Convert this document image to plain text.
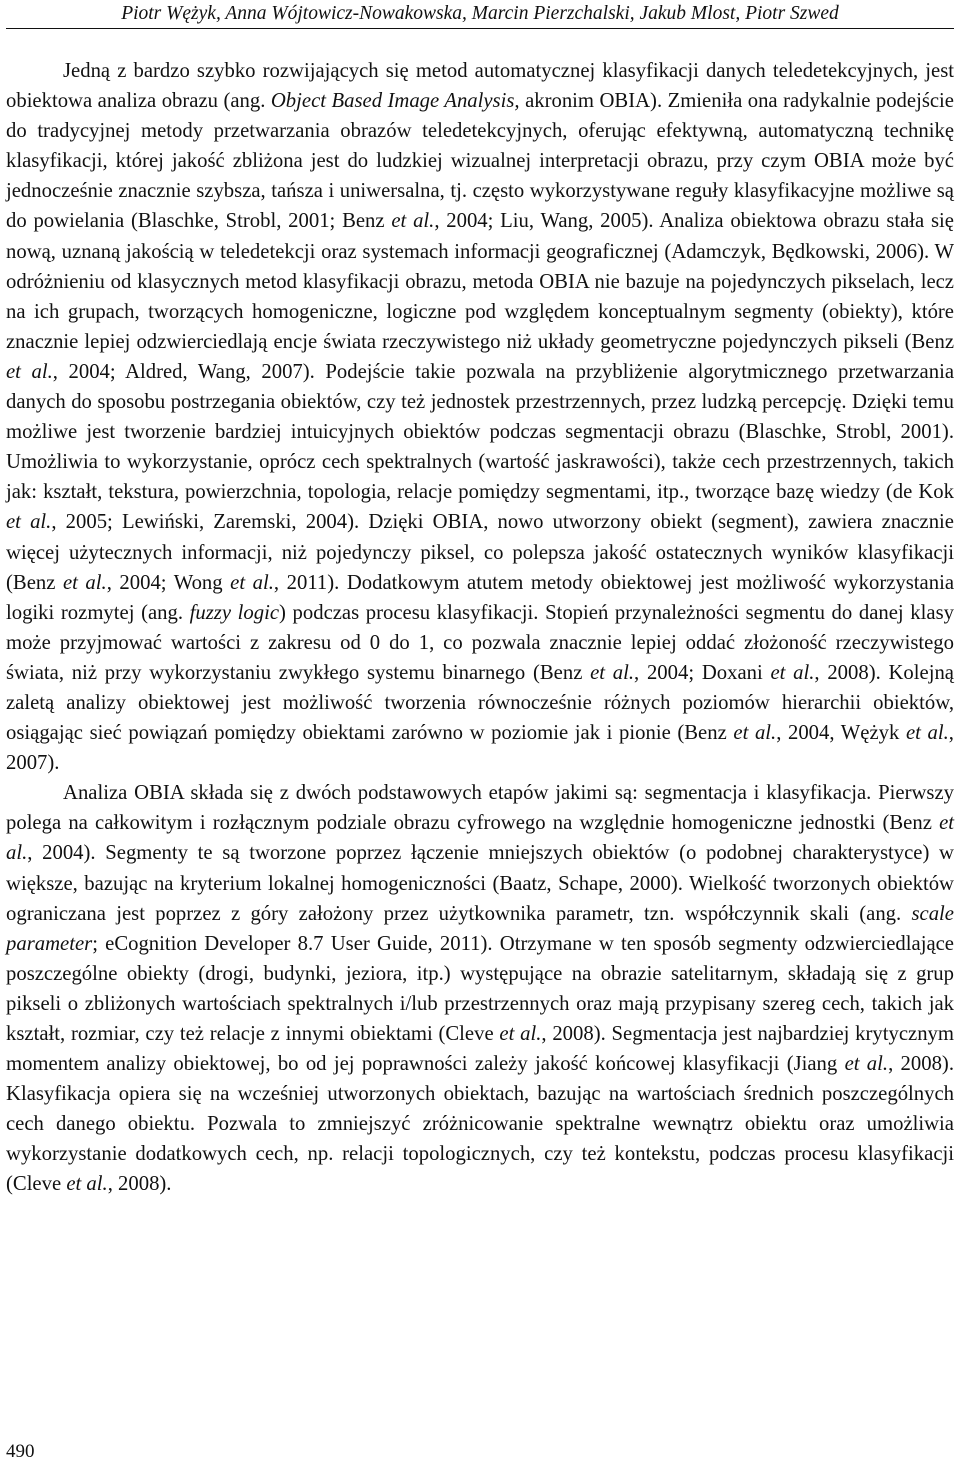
Piotr Wężyk, Anna Wójtowicz-Nowakowska, Marcin Pierzchalski, Jakub Mlost, Piotr Szwed

Jedną z bardzo szybko rozwijających się metod automatycznej klasyfikacji danych teledetekcyjnych, jest obiektowa analiza obrazu (ang. Object Based Image Analysis, akronim OBIA). Zmieniła ona radykalnie podejście do tradycyjnej metody przetwarzania obrazów teledetekcyjnych, oferując efektywną, automatyczną technikę klasyfikacji, której jakość zbliżona jest do ludzkiej wizualnej interpretacji obrazu, przy czym OBIA może być jednocześnie znacznie szybsza, tańsza i uniwersalna, tj. często wykorzystywane reguły klasyfikacyjne możliwe są do powielania (Blaschke, Strobl, 2001; Benz et al., 2004; Liu, Wang, 2005). Analiza obiektowa obrazu stała się nową, uznaną jakością w teledetekcji oraz systemach informacji geograficznej (Adamczyk, Będkowski, 2006). W odróżnieniu od klasycznych metod klasyfikacji obrazu, metoda OBIA nie bazuje na pojedynczych pikselach, lecz na ich grupach, tworzących homogeniczne, logiczne pod względem konceptualnym segmenty (obiekty), które znacznie lepiej odzwierciedlają encje świata rzeczywistego niż układy geometryczne pojedynczych pikseli (Benz et al., 2004; Aldred, Wang, 2007). Podejście takie pozwala na przybliżenie algorytmicznego przetwarzania danych do sposobu postrzegania obiektów, czy też jednostek przestrzennych, przez ludzką percepcję. Dzięki temu możliwe jest tworzenie bardziej intuicyjnych obiektów podczas segmentacji obrazu (Blaschke, Strobl, 2001). Umożliwia to wykorzystanie, oprócz cech spektralnych (wartość jaskrawości), także cech przestrzennych, takich jak: kształt, tekstura, powierzchnia, topologia, relacje pomiędzy segmentami, itp., tworzące bazę wiedzy (de Kok et al., 2005; Lewiński, Zaremski, 2004). Dzięki OBIA, nowo utworzony obiekt (segment), zawiera znacznie więcej użytecznych informacji, niż pojedynczy piksel, co polepsza jakość ostatecznych wyników klasyfikacji (Benz et al., 2004; Wong et al., 2011). Dodatkowym atutem metody obiektowej jest możliwość wykorzystania logiki rozmytej (ang. fuzzy logic) podczas procesu klasyfikacji. Stopień przynależności segmentu do danej klasy może przyjmować wartości z zakresu od 0 do 1, co pozwala znacznie lepiej oddać złożoność rzeczywistego świata, niż przy wykorzystaniu zwykłego systemu binarnego (Benz et al., 2004; Doxani et al., 2008). Kolejną zaletą analizy obiektowej jest możliwość tworzenia równocześnie różnych poziomów hierarchii obiektów, osiągając sieć powiązań pomiędzy obiektami zarówno w poziomie jak i pionie (Benz et al., 2004, Wężyk et al., 2007).

Analiza OBIA składa się z dwóch podstawowych etapów jakimi są: segmentacja i klasyfikacja. Pierwszy polega na całkowitym i rozłącznym podziale obrazu cyfrowego na względnie homogeniczne jednostki (Benz et al., 2004). Segmenty te są tworzone poprzez łączenie mniejszych obiektów (o podobnej charakterystyce) w większe, bazując na kryterium lokalnej homogeniczności (Baatz, Schape, 2000). Wielkość tworzonych obiektów ograniczana jest poprzez z góry założony przez użytkownika parametr, tzn. współczynnik skali (ang. scale parameter; eCognition Developer 8.7 User Guide, 2011). Otrzymane w ten sposób segmenty odzwierciedlające poszczególne obiekty (drogi, budynki, jeziora, itp.) występujące na obrazie satelitarnym, składają się z grup pikseli o zbliżonych wartościach spektralnych i/lub przestrzennych oraz mają przypisany szereg cech, takich jak kształt, rozmiar, czy też relacje z innymi obiektami (Cleve et al., 2008). Segmentacja jest najbardziej krytycznym momentem analizy obiektowej, bo od jej poprawności zależy jakość końcowej klasyfikacji (Jiang et al., 2008). Klasyfikacja opiera się na wcześniej utworzonych obiektach, bazując na wartościach średnich poszczególnych cech danego obiektu. Pozwala to zmniejszyć zróżnicowanie spektralne wewnątrz obiektu oraz umożliwia wykorzystanie dodatkowych cech, np. relacji topologicznych, czy też kontekstu, podczas procesu klasyfikacji (Cleve et al., 2008).

490
